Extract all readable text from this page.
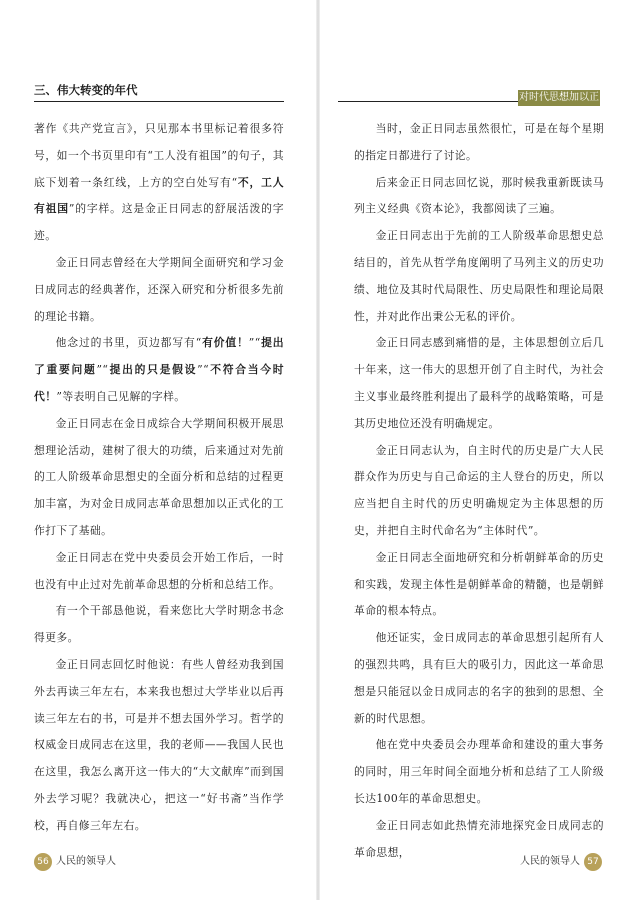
三、伟大转变的年代

著作《共产党宣言》，只见那本书里标记着很多符号，如一个书页里印有“工人没有祖国”的句子，其底下划着一条红线，上方的空白处写有“不，工人有祖国”的字样。这是金正日同志的舒展活泼的字迹。

金正日同志曾经在大学期间全面研究和学习金日成同志的经典著作，还深入研究和分析很多先前的理论书籍。

他念过的书里，页边都写有“有价值！”“提出了重要问题”“提出的只是假设”“不符合当今时代！”等表明自己见解的字样。

金正日同志在金日成综合大学期间积极开展思想理论活动，建树了很大的功绩，后来通过对先前的工人阶级革命思想史的全面分析和总结的过程更加丰富，为对金日成同志革命思想加以正式化的工作打下了基础。

金正日同志在党中央委员会开始工作后，一时也没有中止过对先前革命思想的分析和总结工作。

有一个干部恳他说，看来您比大学时期念书念得更多。

金正日同志回忆时他说：有些人曾经劝我到国外去再读三年左右，本来我也想过大学毕业以后再读三年左右的书，可是并不想去国外学习。哲学的权威金日成同志在这里，我的老师——我国人民也在这里，我怎么离开这一伟大的“大文献库”而到国外去学习呢？我就决心，把这一“好书斋”当作学校，再自修三年左右。

56 人民的领导人
对时代思想加以正式化

当时，金正日同志虽然很忙，可是在每个星期的指定日都进行了讨论。

后来金正日同志回忆说，那时候我重新既读马列主义经典《资本论》，我都阅读了三遍。

金正日同志出于先前的工人阶级革命思想史总结目的，首先从哲学角度阐明了马列主义的历史功绩、地位及其时代局限性、历史局限性和理论局限性，并对此作出秉公无私的评价。

金正日同志感到痛惜的是，主体思想创立后几十年来，这一伟大的思想开创了自主时代，为社会主义事业最终胜利提出了最科学的战略策略，可是其历史地位还没有明确规定。

金正日同志认为，自主时代的历史是广大人民群众作为历史与自己命运的主人登台的历史，所以应当把自主时代的历史明确规定为主体思想的历史，并把自主时代命名为“主体时代”。

金正日同志全面地研究和分析朝鲜革命的历史和实践，发现主体性是朝鲜革命的精髓，也是朝鲜革命的根本特点。

他还证实，金日成同志的革命思想引起所有人的强烈共鸣，具有巨大的吸引力，因此这一革命思想是只能冠以金日成同志的名字的独到的思想、全新的时代思想。

他在党中央委员会办理革命和建设的重大事务的同时，用三年时间全面地分析和总结了工人阶级长达100年的革命思想史。

金正日同志如此热情充沛地探究金日成同志的革命思想，

人民的领导人 57
